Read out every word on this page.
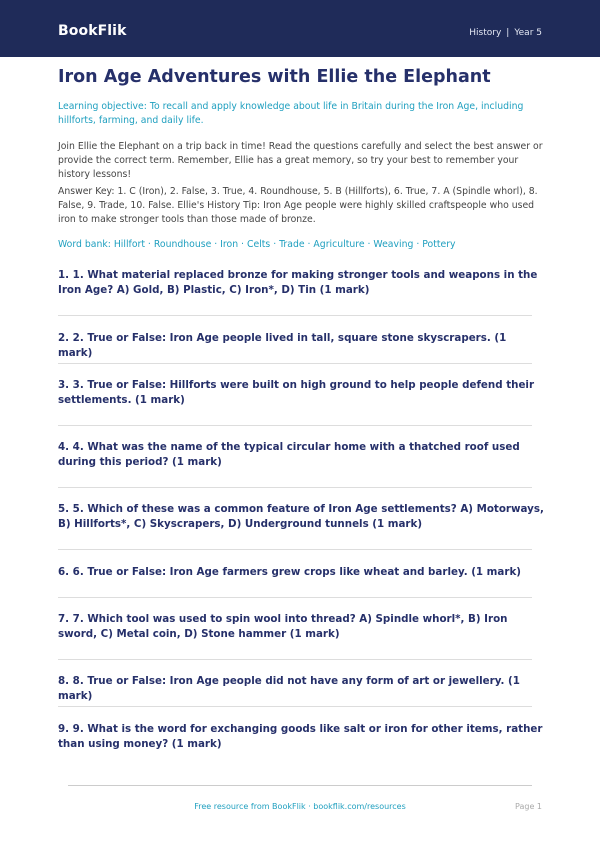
BookFlik	History | Year 5
Iron Age Adventures with Ellie the Elephant
Learning objective: To recall and apply knowledge about life in Britain during the Iron Age, including hillforts, farming, and daily life.
Join Ellie the Elephant on a trip back in time! Read the questions carefully and select the best answer or provide the correct term. Remember, Ellie has a great memory, so try your best to remember your history lessons!
Answer Key: 1. C (Iron), 2. False, 3. True, 4. Roundhouse, 5. B (Hillforts), 6. True, 7. A (Spindle whorl), 8. False, 9. Trade, 10. False. Ellie's History Tip: Iron Age people were highly skilled craftspeople who used iron to make stronger tools than those made of bronze.
Word bank: Hillfort · Roundhouse · Iron · Celts · Trade · Agriculture · Weaving · Pottery
1. 1. What material replaced bronze for making stronger tools and weapons in the Iron Age? A) Gold, B) Plastic, C) Iron*, D) Tin (1 mark)
2. 2. True or False: Iron Age people lived in tall, square stone skyscrapers. (1 mark)
3. 3. True or False: Hillforts were built on high ground to help people defend their settlements. (1 mark)
4. 4. What was the name of the typical circular home with a thatched roof used during this period? (1 mark)
5. 5. Which of these was a common feature of Iron Age settlements? A) Motorways, B) Hillforts*, C) Skyscrapers, D) Underground tunnels (1 mark)
6. 6. True or False: Iron Age farmers grew crops like wheat and barley. (1 mark)
7. 7. Which tool was used to spin wool into thread? A) Spindle whorl*, B) Iron sword, C) Metal coin, D) Stone hammer (1 mark)
8. 8. True or False: Iron Age people did not have any form of art or jewellery. (1 mark)
9. 9. What is the word for exchanging goods like salt or iron for other items, rather than using money? (1 mark)
Free resource from BookFlik · bookflik.com/resources	Page 1
